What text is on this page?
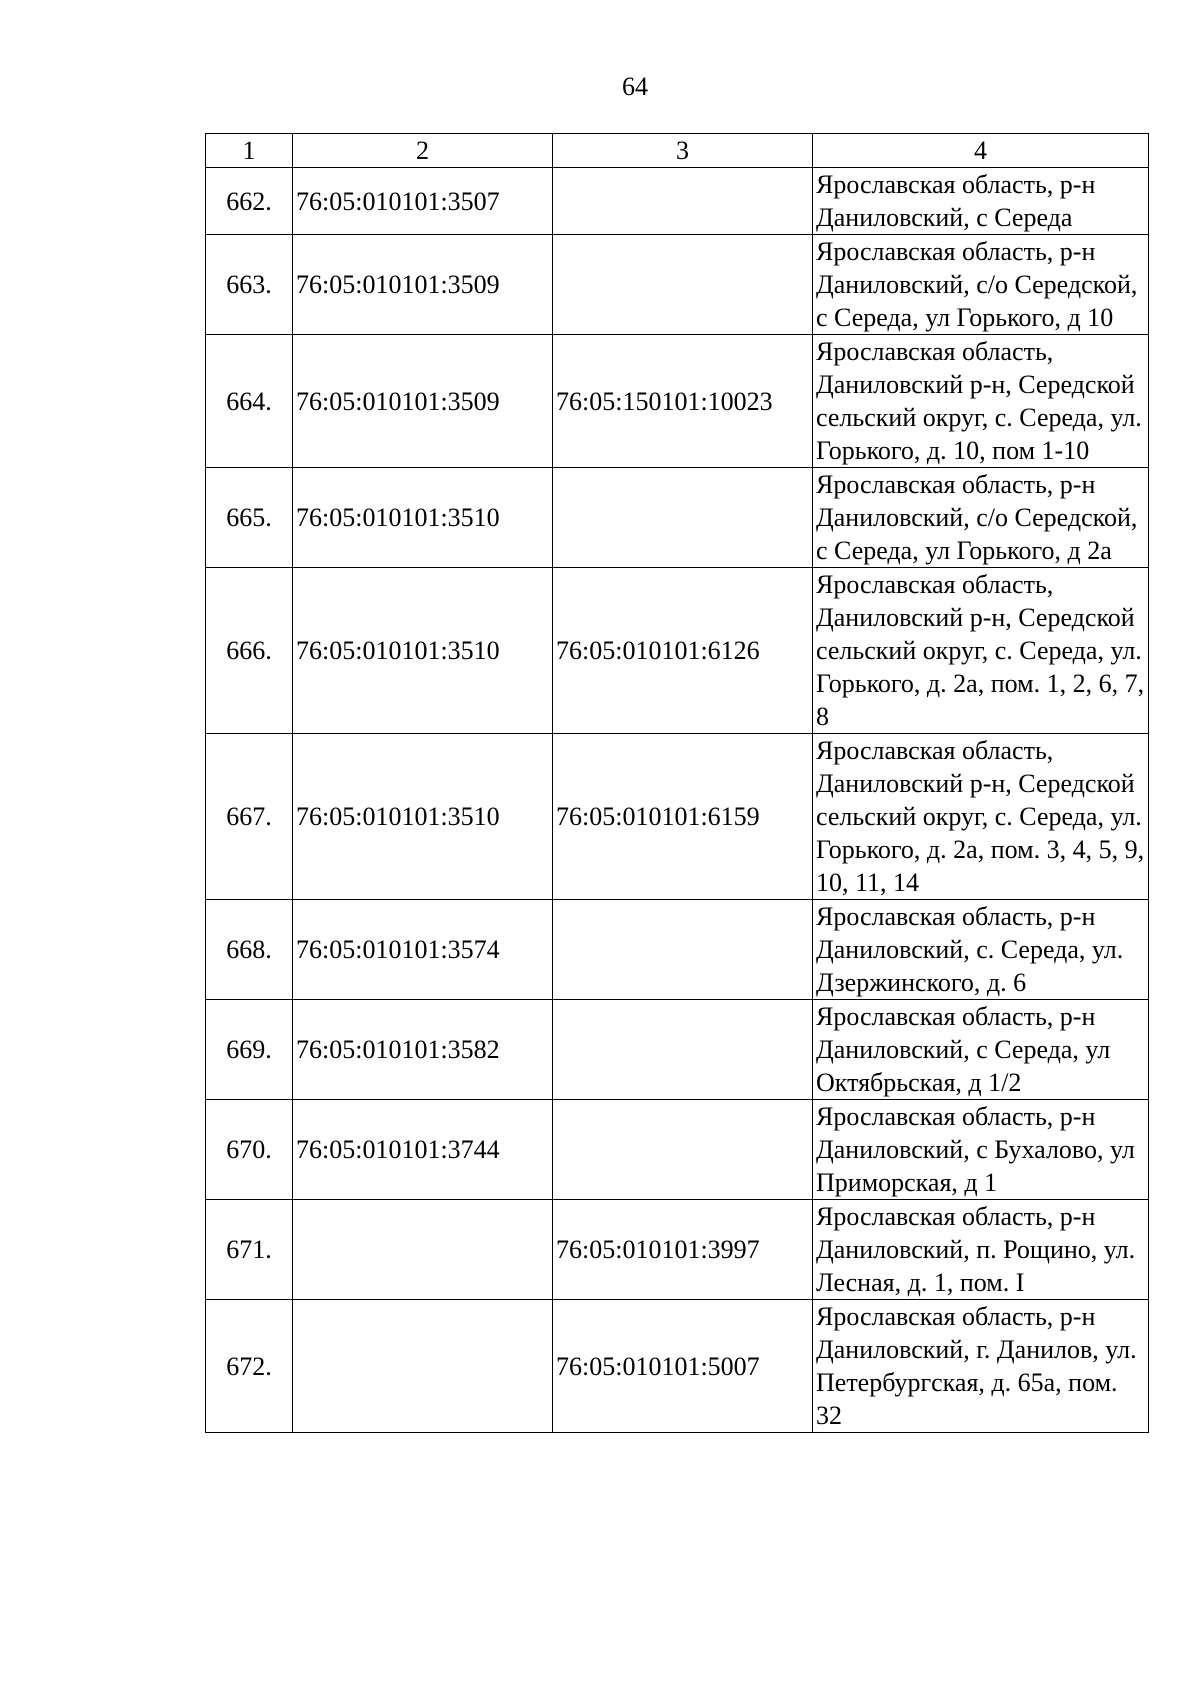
64
1	2	3	4
662.	76:05:010101:3507		Ярославская область, р-н Даниловский, с Середа
663.	76:05:010101:3509		Ярославская область, р-н Даниловский, с/о Середской, с Середа, ул Горького, д 10
664.	76:05:010101:3509	76:05:150101:10023	Ярославская область, Даниловский р-н, Середской сельский округ, с. Середа, ул. Горького, д. 10, пом 1-10
665.	76:05:010101:3510		Ярославская область, р-н Даниловский, с/о Середской, с Середа, ул Горького, д 2а
666.	76:05:010101:3510	76:05:010101:6126	Ярославская область, Даниловский р-н, Середской сельский округ, с. Середа, ул. Горького, д. 2а, пом. 1, 2, 6, 7, 8
667.	76:05:010101:3510	76:05:010101:6159	Ярославская область, Даниловский р-н, Середской сельский округ, с. Середа, ул. Горького, д. 2а, пом. 3, 4, 5, 9, 10, 11, 14
668.	76:05:010101:3574		Ярославская область, р-н Даниловский, с. Середа, ул. Дзержинского, д. 6
669.	76:05:010101:3582		Ярославская область, р-н Даниловский, с Середа, ул Октябрьская, д 1/2
670.	76:05:010101:3744		Ярославская область, р-н Даниловский, с Бухалово, ул Приморская, д 1
671.		76:05:010101:3997	Ярославская область, р-н Даниловский, п. Рощино, ул. Лесная, д. 1, пом. I
672.		76:05:010101:5007	Ярославская область, р-н Даниловский, г. Данилов, ул. Петербургская, д. 65а, пом. 32
